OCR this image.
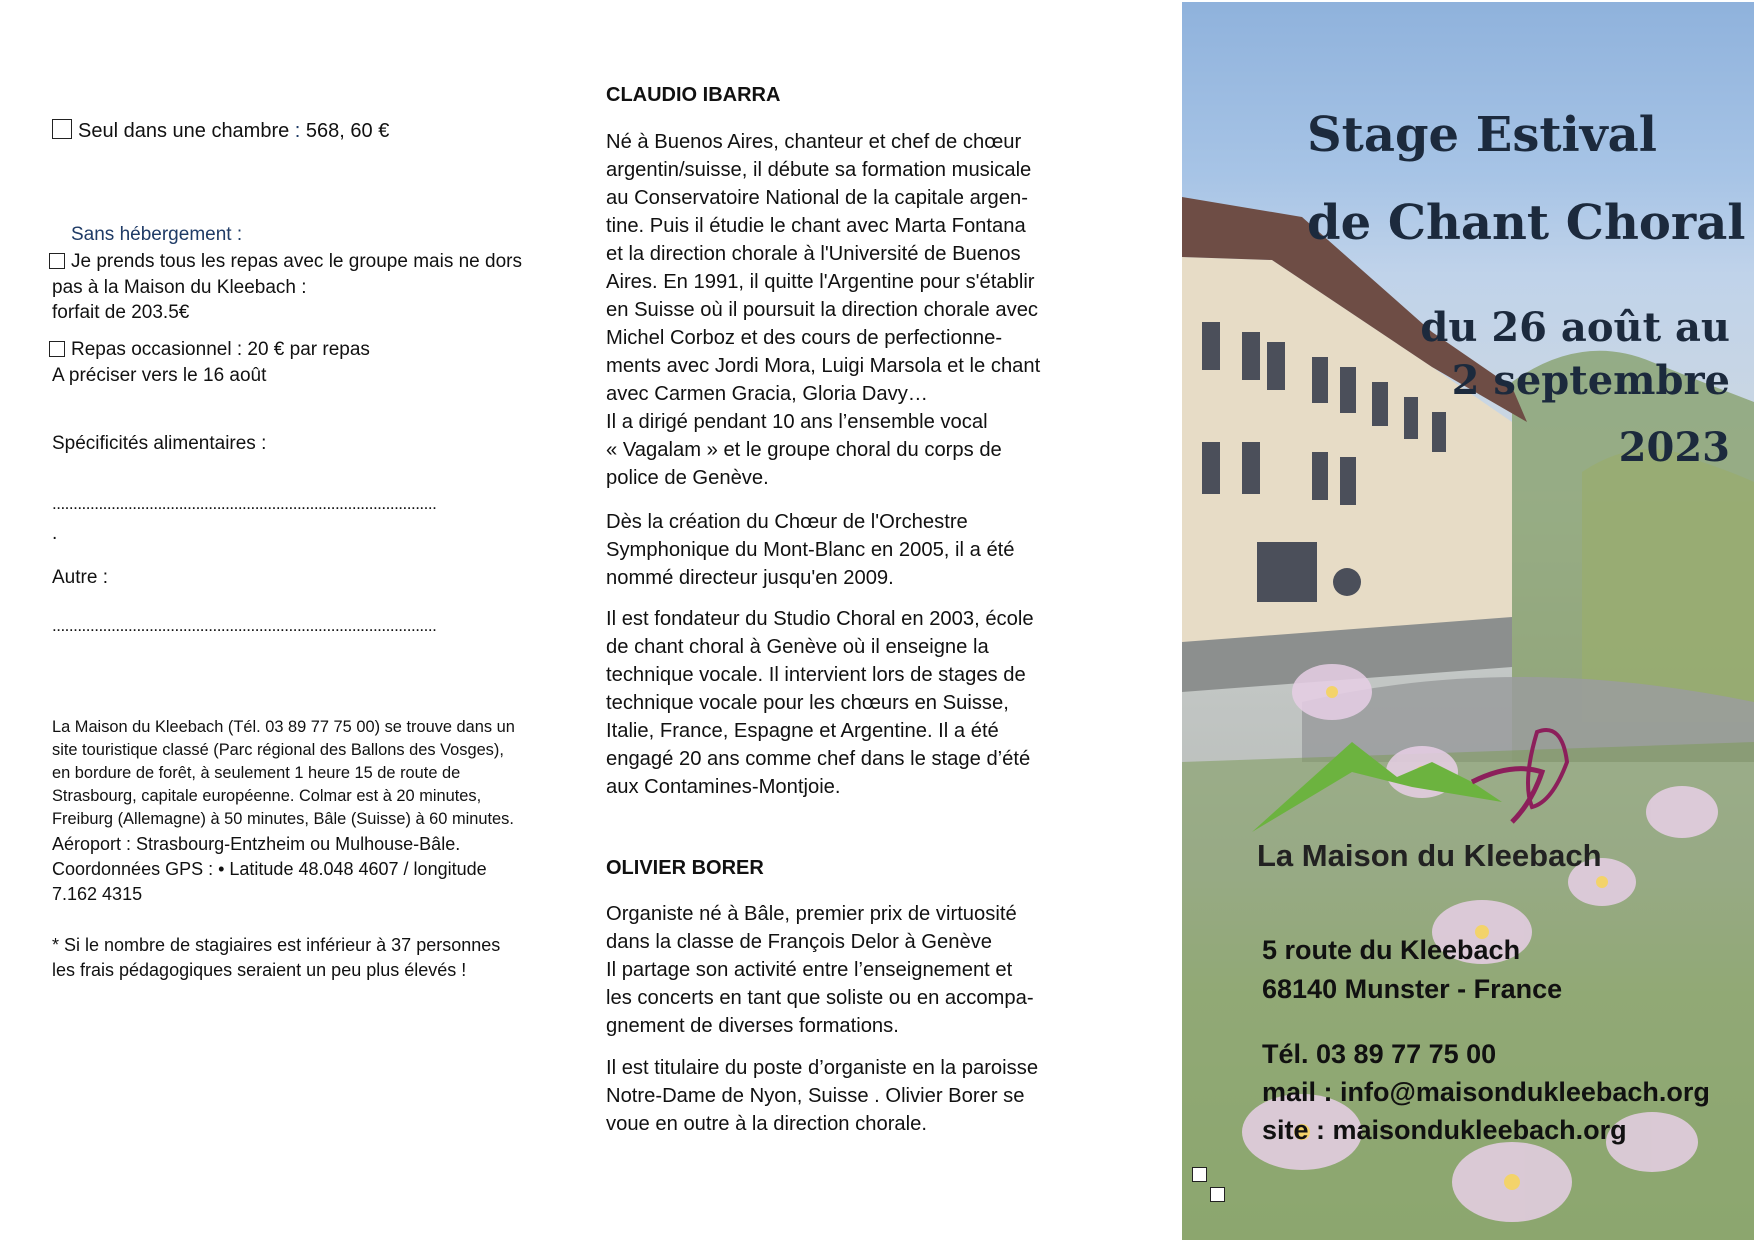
Seul dans une chambre : 568, 60 €
Sans hébergement :
Je prends tous les repas avec le groupe mais ne dors
pas à la Maison du Kleebach :
forfait de 203.5€
Repas occasionnel : 20 € par repas
A préciser vers le 16 août
Spécificités alimentaires :
...........................................................................................
.
Autre :
...........................................................................................
La Maison du Kleebach (Tél. 03 89 77 75 00) se trouve dans un
site touristique classé (Parc régional des Ballons des Vosges),
en bordure de forêt, à seulement 1 heure 15 de route de
Strasbourg, capitale européenne. Colmar est à 20 minutes,
Freiburg (Allemagne) à 50 minutes, Bâle (Suisse) à 60 minutes.
Aéroport : Strasbourg-Entzheim ou Mulhouse-Bâle.
Coordonnées GPS : • Latitude 48.048 4607 / longitude
7.162 4315
* Si le nombre de stagiaires est inférieur à 37 personnes
les frais pédagogiques seraient un peu plus élevés !
CLAUDIO IBARRA
Né à Buenos Aires, chanteur et chef de chœur
argentin/suisse, il débute sa formation musicale
au Conservatoire National de la capitale argen-
tine. Puis il étudie le chant avec Marta Fontana
et la direction chorale à l'Université de Buenos
Aires. En 1991, il quitte l'Argentine pour s'établir
en Suisse où il poursuit la direction chorale avec
Michel Corboz et des cours de perfectionne-
ments avec Jordi Mora, Luigi Marsola et le chant
avec Carmen Gracia, Gloria Davy…
Il a dirigé pendant 10 ans l’ensemble vocal
« Vagalam » et le groupe choral du corps de
police de Genève.
Dès la création du Chœur de l'Orchestre
Symphonique du Mont-Blanc en 2005, il a été
nommé directeur jusqu'en 2009.
Il est fondateur du Studio Choral en 2003, école
de chant choral à Genève où il enseigne la
technique vocale. Il intervient lors de stages de
technique vocale pour les chœurs en Suisse,
Italie, France, Espagne et Argentine. Il a été
engagé 20 ans comme chef dans le stage d’été
aux Contamines-Montjoie.
OLIVIER BORER
Organiste né à Bâle, premier prix de virtuosité
dans la classe de François Delor à Genève
Il partage son activité entre l’enseignement et
les concerts en tant que soliste ou en accompa-
gnement de diverses formations.
Il est titulaire du poste d’organiste en la paroisse
Notre-Dame de Nyon, Suisse . Olivier Borer se
voue en outre à la direction chorale.
Stage Estival
de Chant Choral
du 26 août au
2 septembre
2023
La Maison du Kleebach
5 route du Kleebach
68140 Munster - France
Tél. 03 89 77 75 00
mail : info@maisondukleebach.org
site : maisondukleebach.org
